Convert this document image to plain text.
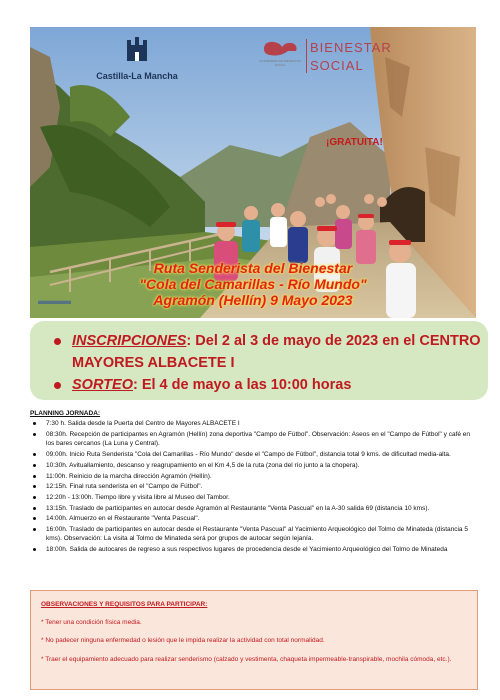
Castilla-La Mancha
CONSEJERÍA DE BIENESTAR SOCIAL
BIENESTAR
SOCIAL
¡GRATUITA!
Ruta Senderista del Bienestar
"Cola del Camarillas - Río Mundo"
Agramón (Hellín) 9 Mayo 2023
▬▬▬
INSCRIPCIONES: Del 2 al 3 de mayo de 2023 en el CENTRO
MAYORES ALBACETE I
SORTEO: El 4 de mayo a las 10:00 horas
PLANNING JORNADA:
7:30 h. Salida desde la Puerta del Centro de Mayores ALBACETE I
08:30h. Recepción de participantes en Agramón (Hellín) zona deportiva "Campo de Fútbol". Observación: Aseos en el "Campo de Fútbol" y café en los bares cercanos (La Luna y Central).
09:00h. Inicio Ruta Senderista "Cola del Camarillas - Río Mundo" desde el "Campo de Fútbol", distancia total 9 kms. de dificultad media-alta.
10:30h. Avituallamiento, descanso y reagrupamiento en el Km 4,5 de la ruta (zona del río junto a la chopera).
11:00h. Reinicio de la marcha dirección Agramón (Hellín).
12:15h. Final ruta senderista en el "Campo de Fútbol".
12:20h - 13:00h. Tiempo libre y visita libre al Museo del Tambor.
13:15h. Traslado de participantes en autocar desde Agramón al Restaurante "Venta Pascual" en la A-30 salida 69 (distancia 10 kms).
14:00h. Almuerzo en el Restaurante "Venta Pascual".
16:00h. Traslado de participantes en autocar desde el Restaurante "Venta Pascual" al Yacimiento Arqueológico del Tolmo de Minateda (distancia 5 kms). Observación: La visita al Tolmo de Minateda será por grupos de autocar según lejanía.
18:00h. Salida de autocares de regreso a sus respectivos lugares de procedencia desde el Yacimiento Arqueológico del Tolmo de Minateda
OBSERVACIONES Y REQUISITOS PARA PARTICIPAR:
* Tener una condición física media.
* No padecer ninguna enfermedad o lesión que le impida realizar la actividad con total normalidad.
* Traer el equipamiento adecuado para realizar senderismo (calzado y vestimenta, chaqueta impermeable-transpirable, mochila cómoda, etc.).
